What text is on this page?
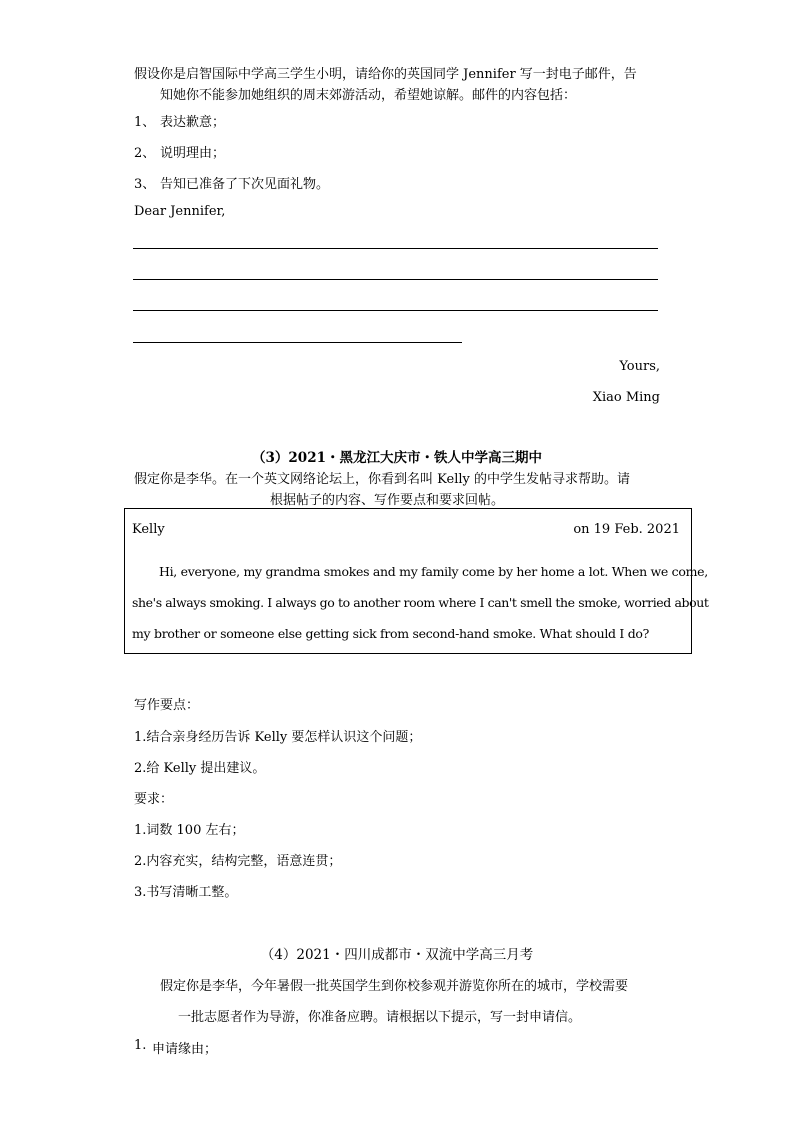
假设你是启智国际中学高三学生小明，请给你的英国同学 Jennifer 写一封电子邮件，告
知她你不能参加她组织的周末郊游活动，希望她谅解。邮件的内容包括：
1、 表达歉意；
2、 说明理由；
3、 告知已准备了下次见面礼物。
Dear Jennifer,
Yours,
Xiao Ming
（3）2021・黑龙江大庆市・铁人中学高三期中
假定你是李华。在一个英文网络论坛上，你看到名叫 Kelly 的中学生发帖寻求帮助。请
根据帖子的内容、写作要点和要求回帖。
Kelly	on 19 Feb. 2021
Hi, everyone, my grandma smokes and my family come by her home a lot. When we come,
she's always smoking. I always go to another room where I can't smell the smoke, worried about
my brother or someone else getting sick from second-hand smoke. What should I do?
写作要点：
1.结合亲身经历告诉 Kelly 要怎样认识这个问题；
2.给 Kelly 提出建议。
要求：
1.词数 100 左右；
2.内容充实，结构完整，语意连贯；
3.书写清晰工整。
（4）2021・四川成都市・双流中学高三月考
假定你是李华，今年暑假一批英国学生到你校参观并游览你所在的城市，学校需要
一批志愿者作为导游，你准备应聘。请根据以下提示，写一封申请信。
1. 申请缘由；
